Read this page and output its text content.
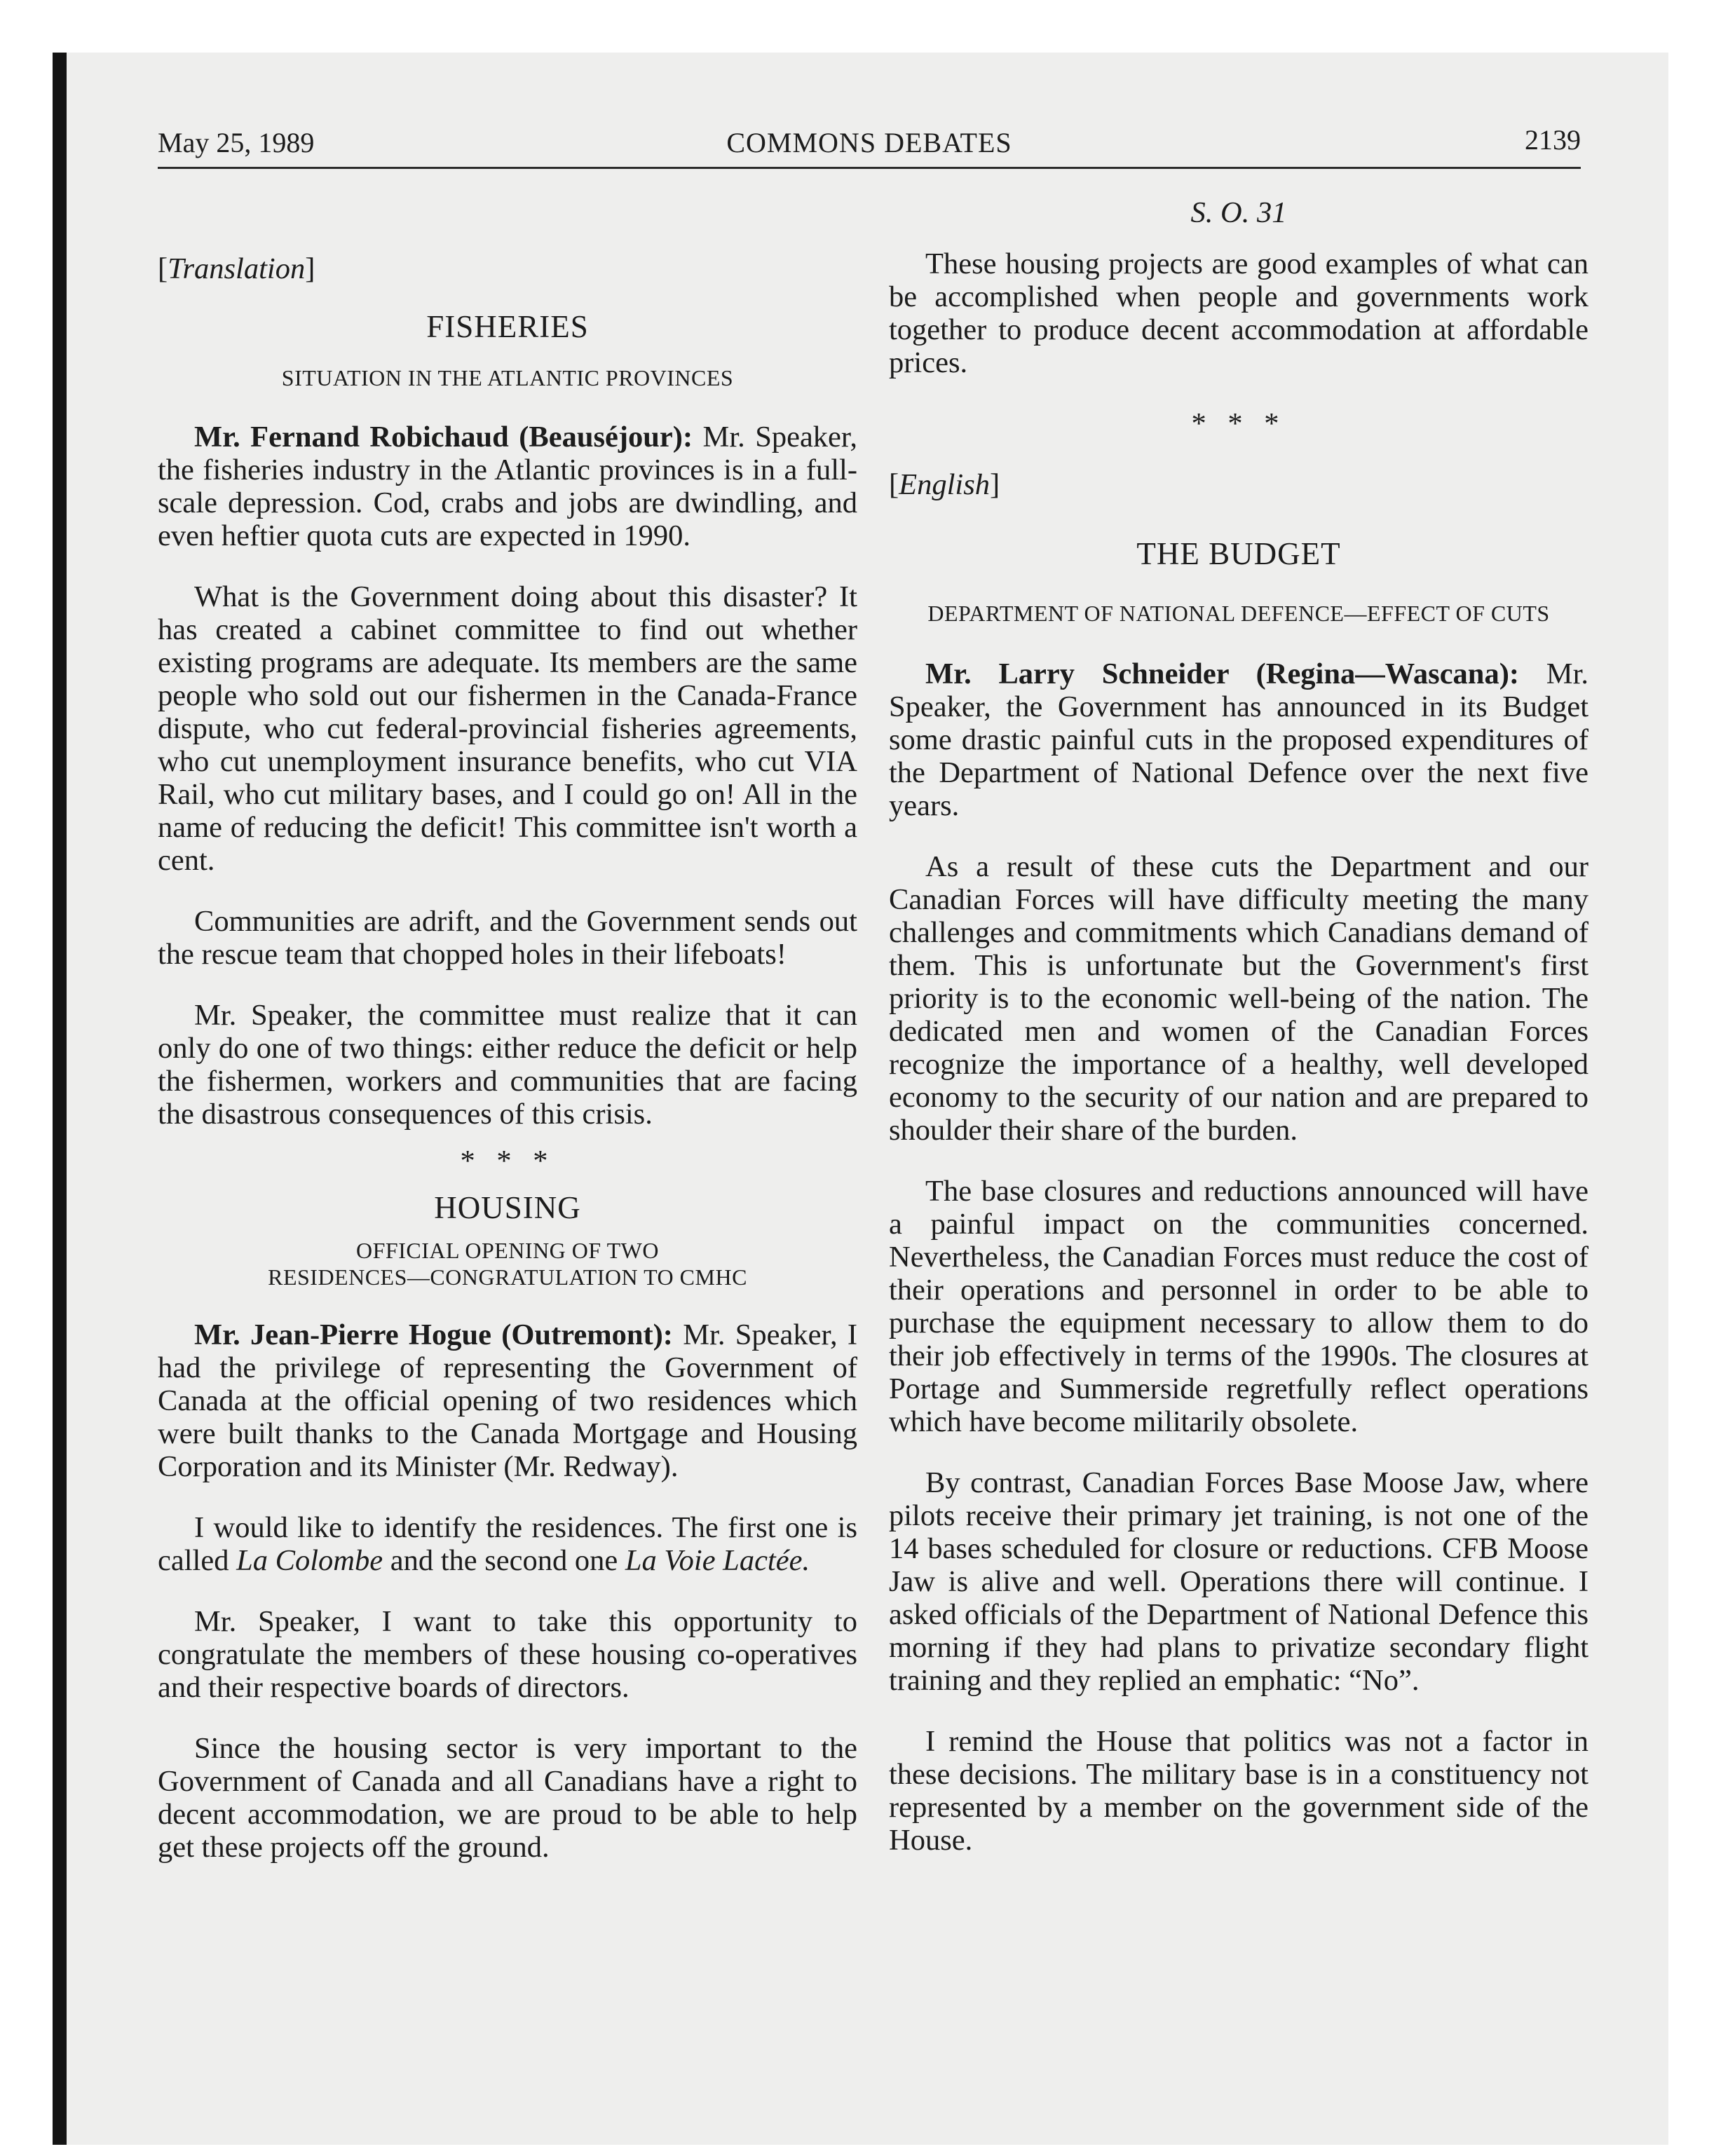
May 25, 1989	COMMONS DEBATES	2139

[Translation]

FISHERIES

SITUATION IN THE ATLANTIC PROVINCES

Mr. Fernand Robichaud (Beauséjour): Mr. Speaker, the fisheries industry in the Atlantic provinces is in a full-scale depression. Cod, crabs and jobs are dwindling, and even heftier quota cuts are expected in 1990.

What is the Government doing about this disaster? It has created a cabinet committee to find out whether existing programs are adequate. Its members are the same people who sold out our fishermen in the Canada-France dispute, who cut federal-provincial fisheries agreements, who cut unemployment insurance benefits, who cut VIA Rail, who cut military bases, and I could go on! All in the name of reducing the deficit! This committee isn't worth a cent.

Communities are adrift, and the Government sends out the rescue team that chopped holes in their lifeboats!

Mr. Speaker, the committee must realize that it can only do one of two things: either reduce the deficit or help the fishermen, workers and communities that are facing the disastrous consequences of this crisis.

* * *

HOUSING

OFFICIAL OPENING OF TWO

RESIDENCES—CONGRATULATION TO CMHC

Mr. Jean-Pierre Hogue (Outremont): Mr. Speaker, I had the privilege of representing the Government of Canada at the official opening of two residences which were built thanks to the Canada Mortgage and Housing Corporation and its Minister (Mr. Redway).

I would like to identify the residences. The first one is called La Colombe and the second one La Voie Lactée.

Mr. Speaker, I want to take this opportunity to congratulate the members of these housing co-operatives and their respective boards of directors.

Since the housing sector is very important to the Government of Canada and all Canadians have a right to decent accommodation, we are proud to be able to help get these projects off the ground.

S. O. 31

These housing projects are good examples of what can be accomplished when people and governments work together to produce decent accommodation at affordable prices.

* * *

[English]

THE BUDGET

DEPARTMENT OF NATIONAL DEFENCE—EFFECT OF CUTS

Mr. Larry Schneider (Regina—Wascana): Mr. Speaker, the Government has announced in its Budget some drastic painful cuts in the proposed expenditures of the Department of National Defence over the next five years.

As a result of these cuts the Department and our Canadian Forces will have difficulty meeting the many challenges and commitments which Canadians demand of them. This is unfortunate but the Government's first priority is to the economic well-being of the nation. The dedicated men and women of the Canadian Forces recognize the importance of a healthy, well developed economy to the security of our nation and are prepared to shoulder their share of the burden.

The base closures and reductions announced will have a painful impact on the communities concerned. Nevertheless, the Canadian Forces must reduce the cost of their operations and personnel in order to be able to purchase the equipment necessary to allow them to do their job effectively in terms of the 1990s. The closures at Portage and Summerside regretfully reflect operations which have become militarily obsolete.

By contrast, Canadian Forces Base Moose Jaw, where pilots receive their primary jet training, is not one of the 14 bases scheduled for closure or reductions. CFB Moose Jaw is alive and well. Operations there will continue. I asked officials of the Department of National Defence this morning if they had plans to privatize secondary flight training and they replied an emphatic: “No”.

I remind the House that politics was not a factor in these decisions. The military base is in a constituency not represented by a member on the government side of the House.
